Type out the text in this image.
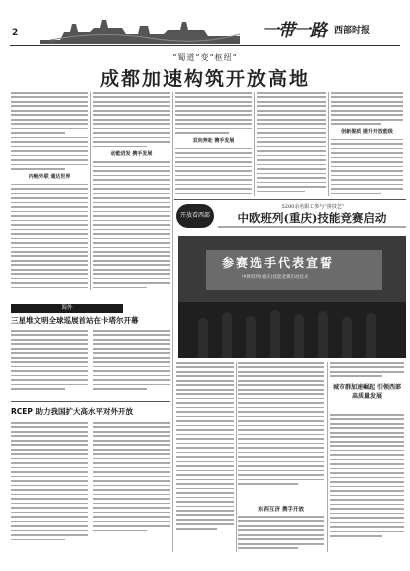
2	一带一路 西部时报
“蜀道”变“枢纽”
成都加速构筑开放高地
内畅外联 通达世界
动能迸发 携手发展
双向奔赴 携手发展
创新提质 提升开放能级
海外
三星堆文明全球巡展首站在卡塔尔开幕
RCEP 助力我国扩大高水平对外开放
开放看西部
5200余名职工参与“拼技艺”
中欧班列(重庆)技能竞赛启动
参赛选手代表宣誓
中欧班列(重庆)技能竞赛启动仪式
东西互济 携手开放
城市群加速崛起 引领西部高质量发展
